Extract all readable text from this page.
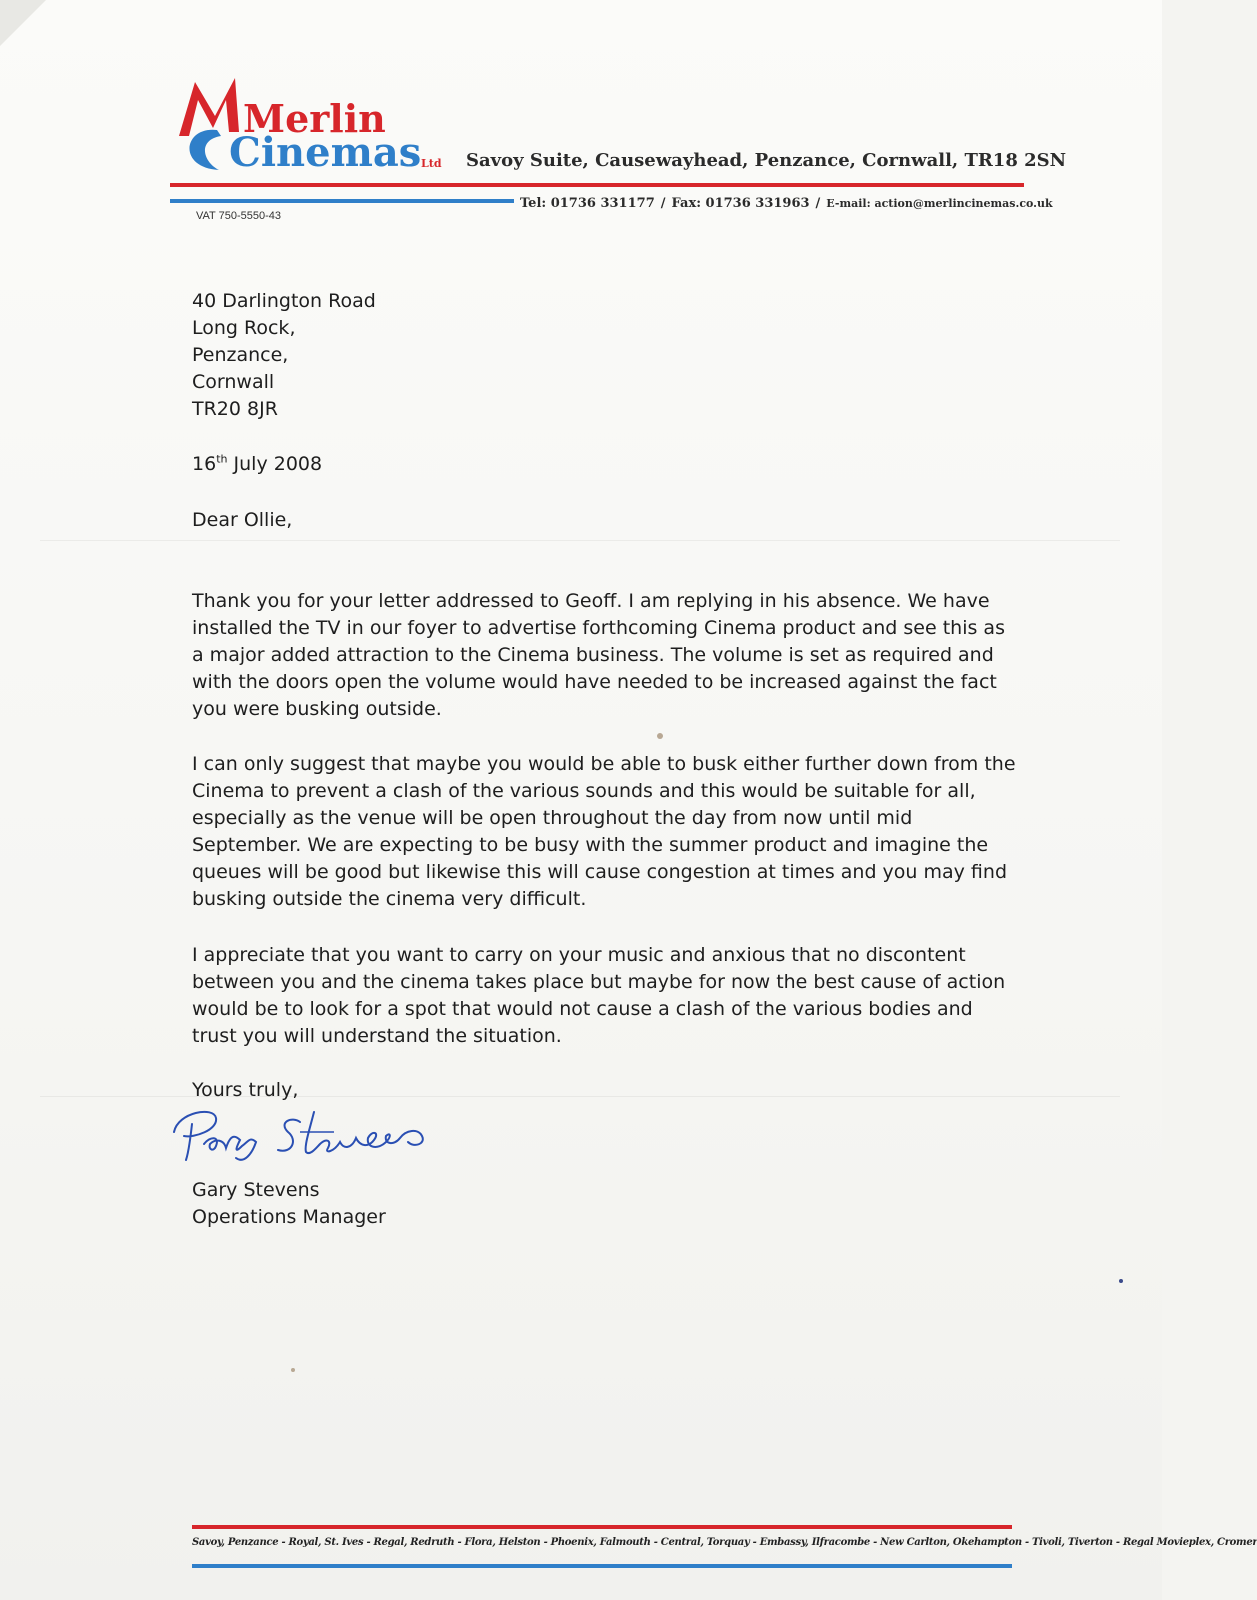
Merlin
Cinemas Ltd Savoy Suite, Causewayhead, Penzance, Cornwall, TR18 2SN
Tel: 01736 331177 / Fax: 01736 331963 / E-mail: action@merlincinemas.co.uk
VAT 750-5550-43
40 Darlington Road
Long Rock,
Penzance,
Cornwall
TR20 8JR
16th July 2008
Dear Ollie,
Thank you for your letter addressed to Geoff. I am replying in his absence. We have installed the TV in our foyer to advertise forthcoming Cinema product and see this as a major added attraction to the Cinema business. The volume is set as required and with the doors open the volume would have needed to be increased against the fact you were busking outside.
I can only suggest that maybe you would be able to busk either further down from the Cinema to prevent a clash of the various sounds and this would be suitable for all, especially as the venue will be open throughout the day from now until mid September. We are expecting to be busy with the summer product and imagine the queues will be good but likewise this will cause congestion at times and you may find busking outside the cinema very difficult.
I appreciate that you want to carry on your music and anxious that no discontent between you and the cinema takes place but maybe for now the best cause of action would be to look for a spot that would not cause a clash of the various bodies and trust you will understand the situation.
Yours truly,
Gary Stevens
Operations Manager
Savoy, Penzance - Royal, St. Ives - Regal, Redruth - Flora, Helston - Phoenix, Falmouth - Central, Torquay - Embassy, Ilfracombe - New Carlton, Okehampton - Tivoli, Tiverton - Regal Movieplex, Cromer
